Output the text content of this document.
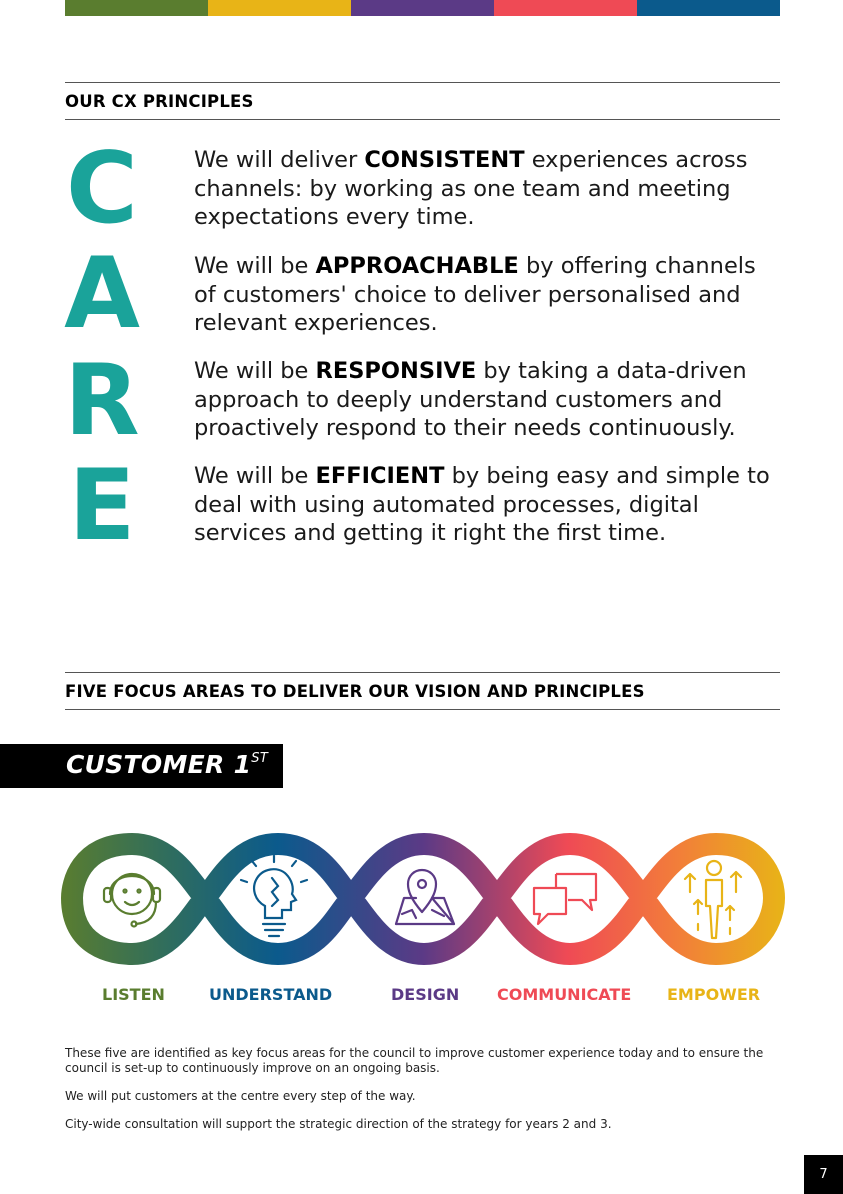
OUR CX PRINCIPLES
C
A
R
E
We will deliver CONSISTENT experiences across channels: by working as one team and meeting expectations every time.
We will be APPROACHABLE by offering channels of customers' choice to deliver personalised and relevant experiences.
We will be RESPONSIVE by taking a data-driven approach to deeply understand customers and proactively respond to their needs continuously.
We will be EFFICIENT by being easy and simple to deal with using automated processes, digital services and getting it right the first time.
FIVE FOCUS AREAS TO DELIVER OUR VISION AND PRINCIPLES
CUSTOMER 1ST
LISTEN	UNDERSTAND	DESIGN COMMUNICATE EMPOWER
These five are identified as key focus areas for the council to improve customer experience today and to ensure the council is set-up to continuously improve on an ongoing basis.
We will put customers at the centre every step of the way.
City-wide consultation will support the strategic direction of the strategy for years 2 and 3.
7
